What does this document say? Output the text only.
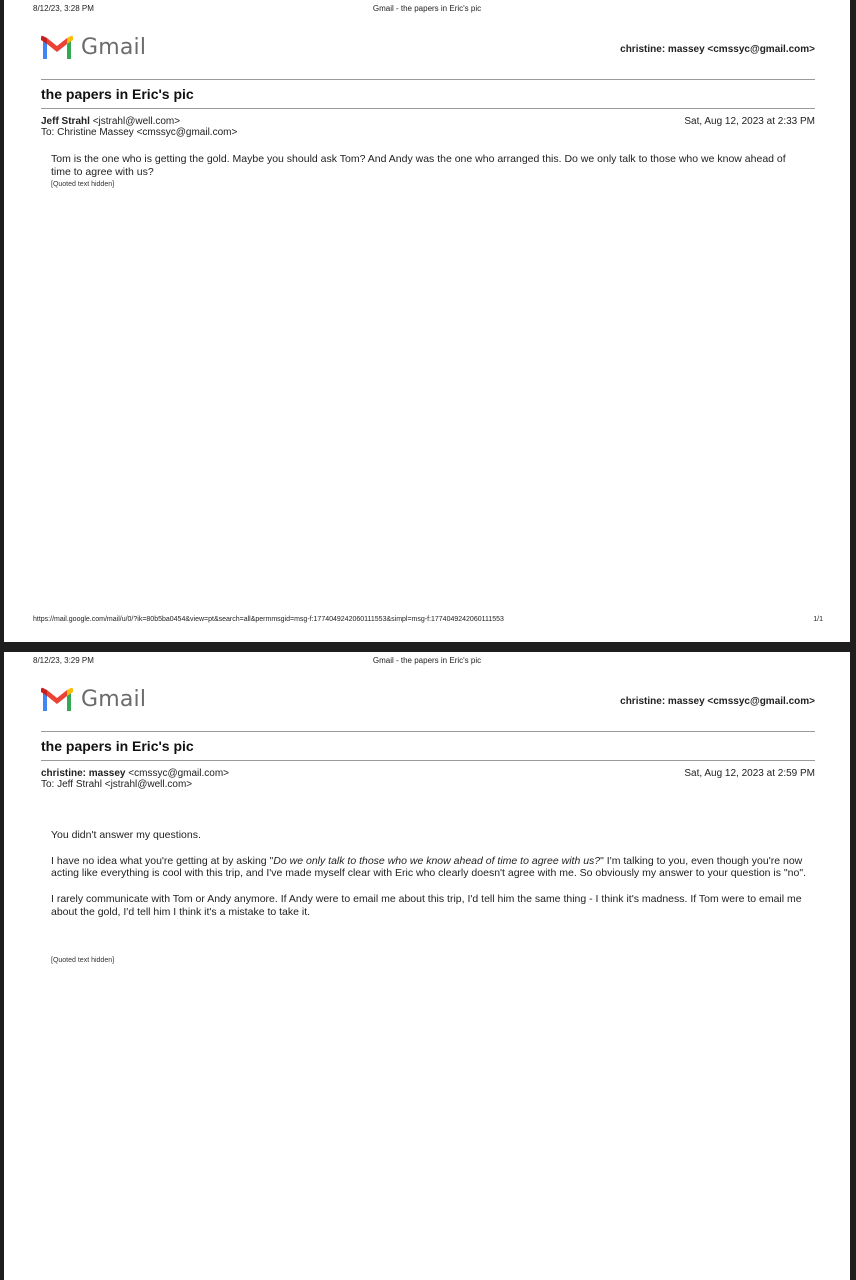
8/12/23, 3:28 PM	Gmail - the papers in Eric's pic
Gmail	christine: massey <cmssyc@gmail.com>
the papers in Eric's pic
Jeff Strahl <jstrahl@well.com>
To: Christine Massey <cmssyc@gmail.com>
Sat, Aug 12, 2023 at 2:33 PM

Tom is the one who is getting the gold. Maybe you should ask Tom? And Andy was the one who arranged this. Do we only talk to those who we know ahead of time to agree with us?

[Quoted text hidden]
https://mail.google.com/mail/u/0/?ik=80b5ba0454&view=pt&search=all&permmsgid=msg-f:1774049242060111553&simpl=msg-f:1774049242060111553	1/1
8/12/23, 3:29 PM	Gmail - the papers in Eric's pic
Gmail	christine: massey <cmssyc@gmail.com>
the papers in Eric's pic
christine: massey <cmssyc@gmail.com>
To: Jeff Strahl <jstrahl@well.com>
Sat, Aug 12, 2023 at 2:59 PM

You didn't answer my questions.

I have no idea what you're getting at by asking "Do we only talk to those who we know ahead of time to agree with us?" I'm talking to you, even though you're now acting like everything is cool with this trip, and I've made myself clear with Eric who clearly doesn't agree with me. So obviously my answer to your question is "no".

I rarely communicate with Tom or Andy anymore. If Andy were to email me about this trip, I'd tell him the same thing - I think it's madness. If Tom were to email me about the gold, I'd tell him I think it's a mistake to take it.

[Quoted text hidden]
